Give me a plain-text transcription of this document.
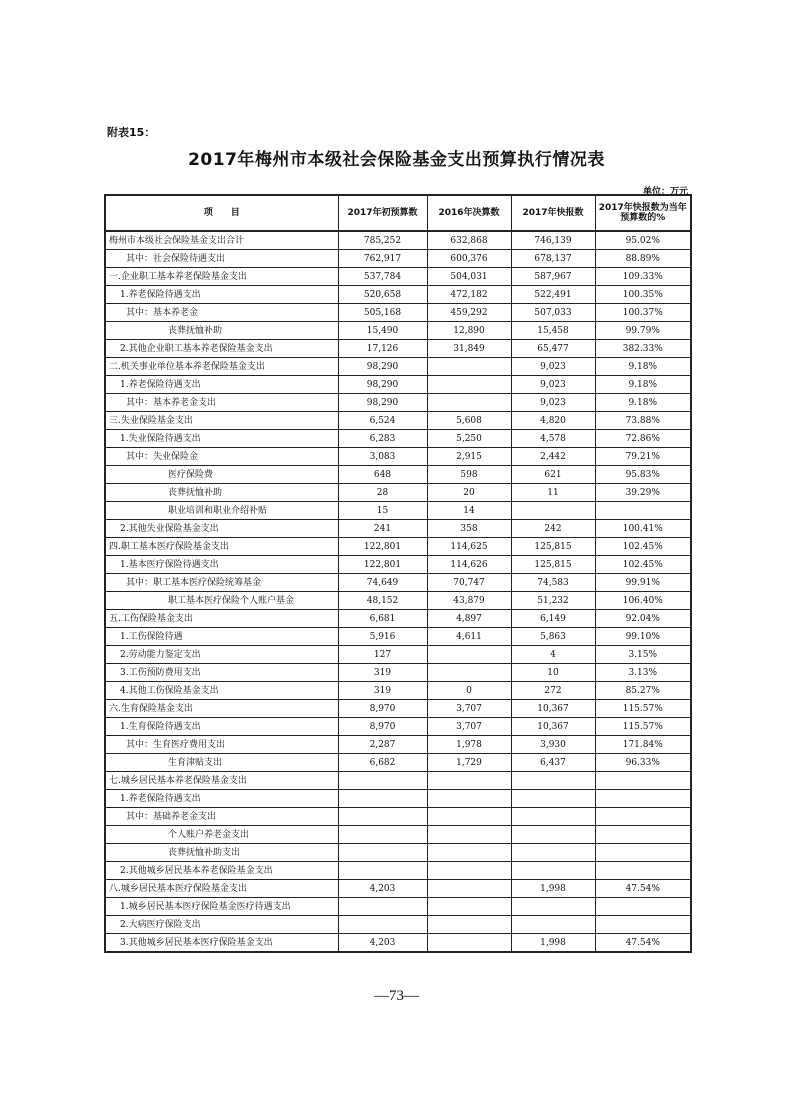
附表15：
2017年梅州市本级社会保险基金支出预算执行情况表
单位：万元
项　　目	2017年初预算数	2016年决算数	2017年快报数	2017年快报数为当年预算数的%
梅州市本级社会保险基金支出合计	785,252	632,868	746,139	95.02%
其中：社会保险待遇支出	762,917	600,376	678,137	88.89%
一.企业职工基本养老保险基金支出	537,784	504,031	587,967	109.33%
1.养老保险待遇支出	520,658	472,182	522,491	100.35%
其中：基本养老金	505,168	459,292	507,033	100.37%
丧葬抚恤补助	15,490	12,890	15,458	99.79%
2.其他企业职工基本养老保险基金支出	17,126	31,849	65,477	382.33%
二.机关事业单位基本养老保险基金支出	98,290		9,023	9.18%
1.养老保险待遇支出	98,290		9,023	9.18%
其中：基本养老金支出	98,290		9,023	9.18%
三.失业保险基金支出	6,524	5,608	4,820	73.88%
1.失业保险待遇支出	6,283	5,250	4,578	72.86%
其中：失业保险金	3,083	2,915	2,442	79.21%
医疗保险费	648	598	621	95.83%
丧葬抚恤补助	28	20	11	39.29%
职业培训和职业介绍补贴	15	14		
2.其他失业保险基金支出	241	358	242	100.41%
四.职工基本医疗保险基金支出	122,801	114,625	125,815	102.45%
1.基本医疗保险待遇支出	122,801	114,626	125,815	102.45%
其中：职工基本医疗保险统筹基金	74,649	70,747	74,583	99.91%
职工基本医疗保险个人账户基金	48,152	43,879	51,232	106.40%
五.工伤保险基金支出	6,681	4,897	6,149	92.04%
1.工伤保险待遇	5,916	4,611	5,863	99.10%
2.劳动能力鉴定支出	127		4	3.15%
3.工伤预防费用支出	319		10	3.13%
4.其他工伤保险基金支出	319	0	272	85.27%
六.生育保险基金支出	8,970	3,707	10,367	115.57%
1.生育保险待遇支出	8,970	3,707	10,367	115.57%
其中：生育医疗费用支出	2,287	1,978	3,930	171.84%
生育津贴支出	6,682	1,729	6,437	96.33%
七.城乡居民基本养老保险基金支出				
1.养老保险待遇支出				
其中：基础养老金支出				
个人账户养老金支出				
丧葬抚恤补助支出				
2.其他城乡居民基本养老保险基金支出				
八.城乡居民基本医疗保险基金支出	4,203		1,998	47.54%
1.城乡居民基本医疗保险基金医疗待遇支出				
2.大病医疗保险支出				
3.其他城乡居民基本医疗保险基金支出	4,203		1,998	47.54%
—73—
